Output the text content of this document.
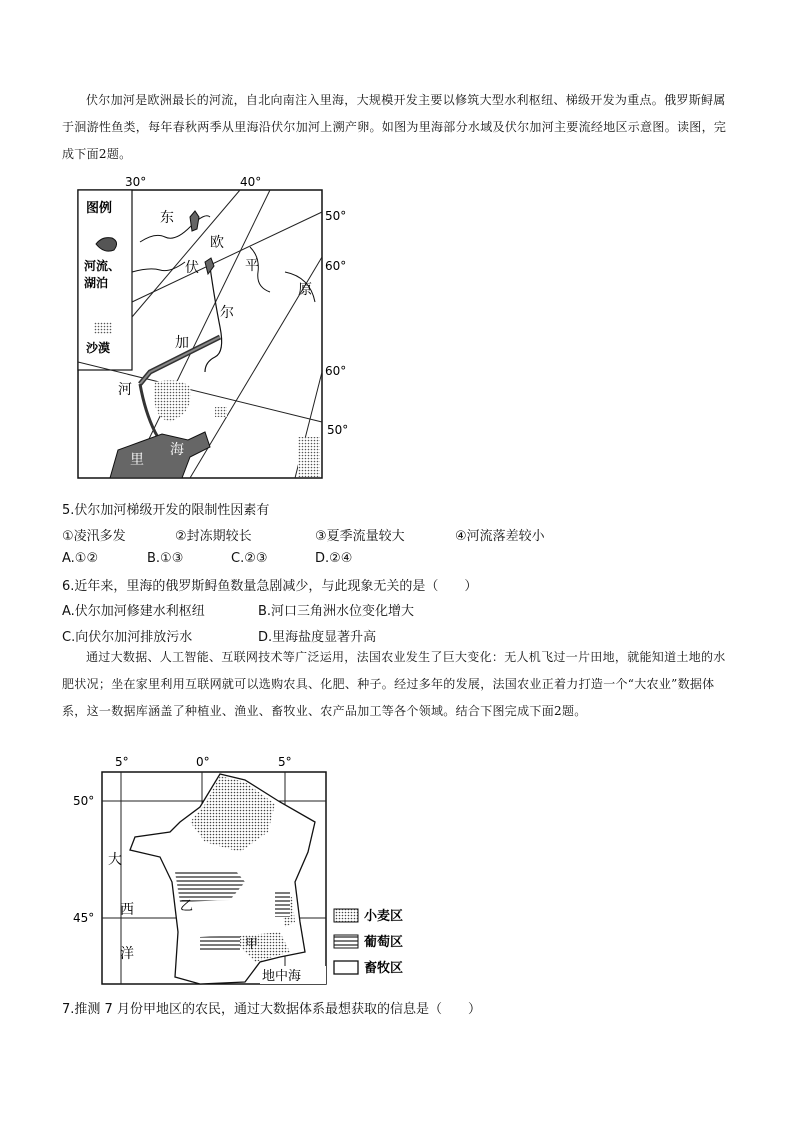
伏尔加河是欧洲最长的河流，自北向南注入里海，大规模开发主要以修筑大型水利枢纽、梯级开发为重点。俄罗斯鲟属于洄游性鱼类，每年春秋两季从里海沿伏尔加河上溯产卵。如图为里海部分水域及伏尔加河主要流经地区示意图。读图，完成下面2题。
30°	40°
50°
60°
60°
50°
图例
河流、
湖泊
沙漠
东
欧
伏	平
原
尔
加
河
里
海
5.伏尔加河梯级开发的限制性因素有
①凌汛多发	②封冻期较长	③夏季流量较大	④河流落差较小
A.①②	B.①③	C.②③	D.②④
6.近年来，里海的俄罗斯鲟鱼数量急剧减少，与此现象无关的是（　　）
A.伏尔加河修建水利枢纽	B.河口三角洲水位变化增大
C.向伏尔加河排放污水	D.里海盐度显著升高
通过大数据、人工智能、互联网技术等广泛运用，法国农业发生了巨大变化：无人机飞过一片田地，就能知道土地的水肥状况；坐在家里利用互联网就可以选购农具、化肥、种子。经过多年的发展，法国农业正着力打造一个“大农业”数据体系，这一数据库涵盖了种植业、渔业、畜牧业、农产品加工等各个领域。结合下图完成下面2题。
小麦区
葡萄区
畜牧区
5°	0°	5°
50°
45°
大
西
洋
乙
甲
地中海
7.推测 7 月份甲地区的农民，通过大数据体系最想获取的信息是（　　）
